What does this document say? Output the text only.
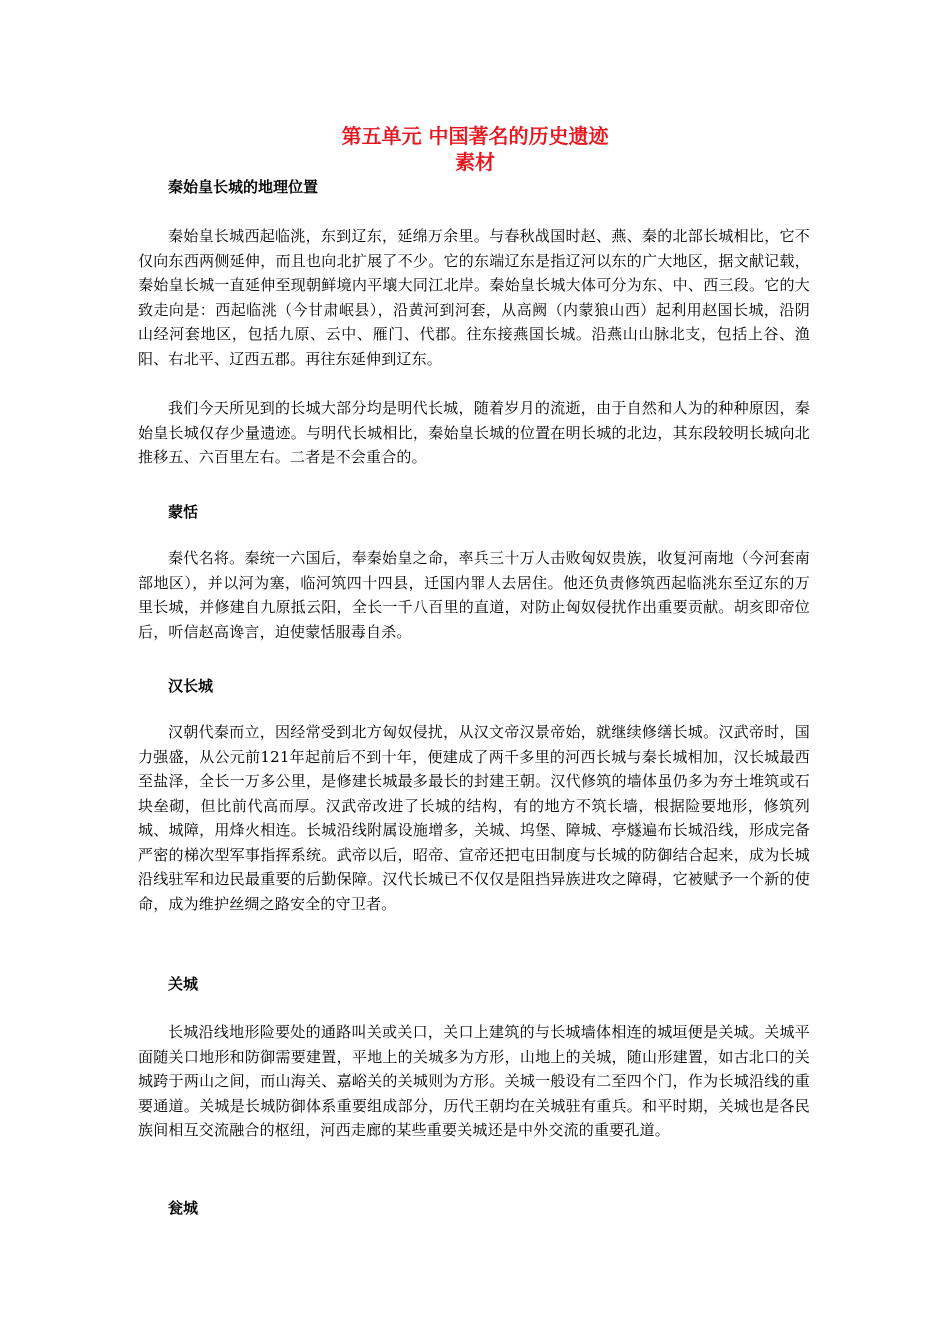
第五单元 中国著名的历史遗迹
素材
秦始皇长城的地理位置

秦始皇长城西起临洮，东到辽东，延绵万余里。与春秋战国时赵、燕、秦的北部长城相比，它不仅向东西两侧延伸，而且也向北扩展了不少。它的东端辽东是指辽河以东的广大地区，据文献记载，秦始皇长城一直延伸至现朝鲜境内平壤大同江北岸。秦始皇长城大体可分为东、中、西三段。它的大致走向是：西起临洮（今甘肃岷县），沿黄河到河套，从高阙（内蒙狼山西）起利用赵国长城，沿阴山经河套地区，包括九原、云中、雁门、代郡。往东接燕国长城。沿燕山山脉北支，包括上谷、渔阳、右北平、辽西五郡。再往东延伸到辽东。

我们今天所见到的长城大部分均是明代长城，随着岁月的流逝，由于自然和人为的种种原因，秦始皇长城仅存少量遗迹。与明代长城相比，秦始皇长城的位置在明长城的北边，其东段较明长城向北推移五、六百里左右。二者是不会重合的。

蒙恬

秦代名将。秦统一六国后，奉秦始皇之命，率兵三十万人击败匈奴贵族，收复河南地（今河套南部地区），并以河为塞，临河筑四十四县，迁国内罪人去居住。他还负责修筑西起临洮东至辽东的万里长城，并修建自九原抵云阳，全长一千八百里的直道，对防止匈奴侵扰作出重要贡献。胡亥即帝位后，听信赵高谗言，迫使蒙恬服毒自杀。

汉长城

汉朝代秦而立，因经常受到北方匈奴侵扰，从汉文帝汉景帝始，就继续修缮长城。汉武帝时，国力强盛，从公元前121年起前后不到十年，便建成了两千多里的河西长城与秦长城相加，汉长城最西至盐泽，全长一万多公里，是修建长城最多最长的封建王朝。汉代修筑的墙体虽仍多为夯土堆筑或石块垒砌，但比前代高而厚。汉武帝改进了长城的结构，有的地方不筑长墙，根据险要地形，修筑列城、城障，用烽火相连。长城沿线附属设施增多，关城、坞堡、障城、亭燧遍布长城沿线，形成完备严密的梯次型军事指挥系统。武帝以后，昭帝、宣帝还把屯田制度与长城的防御结合起来，成为长城沿线驻军和边民最重要的后勤保障。汉代长城已不仅仅是阻挡异族进攻之障碍，它被赋予一个新的使命，成为维护丝绸之路安全的守卫者。

关城

长城沿线地形险要处的通路叫关或关口，关口上建筑的与长城墙体相连的城垣便是关城。关城平面随关口地形和防御需要建置，平地上的关城多为方形，山地上的关城，随山形建置，如古北口的关城跨于两山之间，而山海关、嘉峪关的关城则为方形。关城一般设有二至四个门，作为长城沿线的重要通道。关城是长城防御体系重要组成部分，历代王朝均在关城驻有重兵。和平时期，关城也是各民族间相互交流融合的枢纽，河西走廊的某些重要关城还是中外交流的重要孔道。

瓮城
